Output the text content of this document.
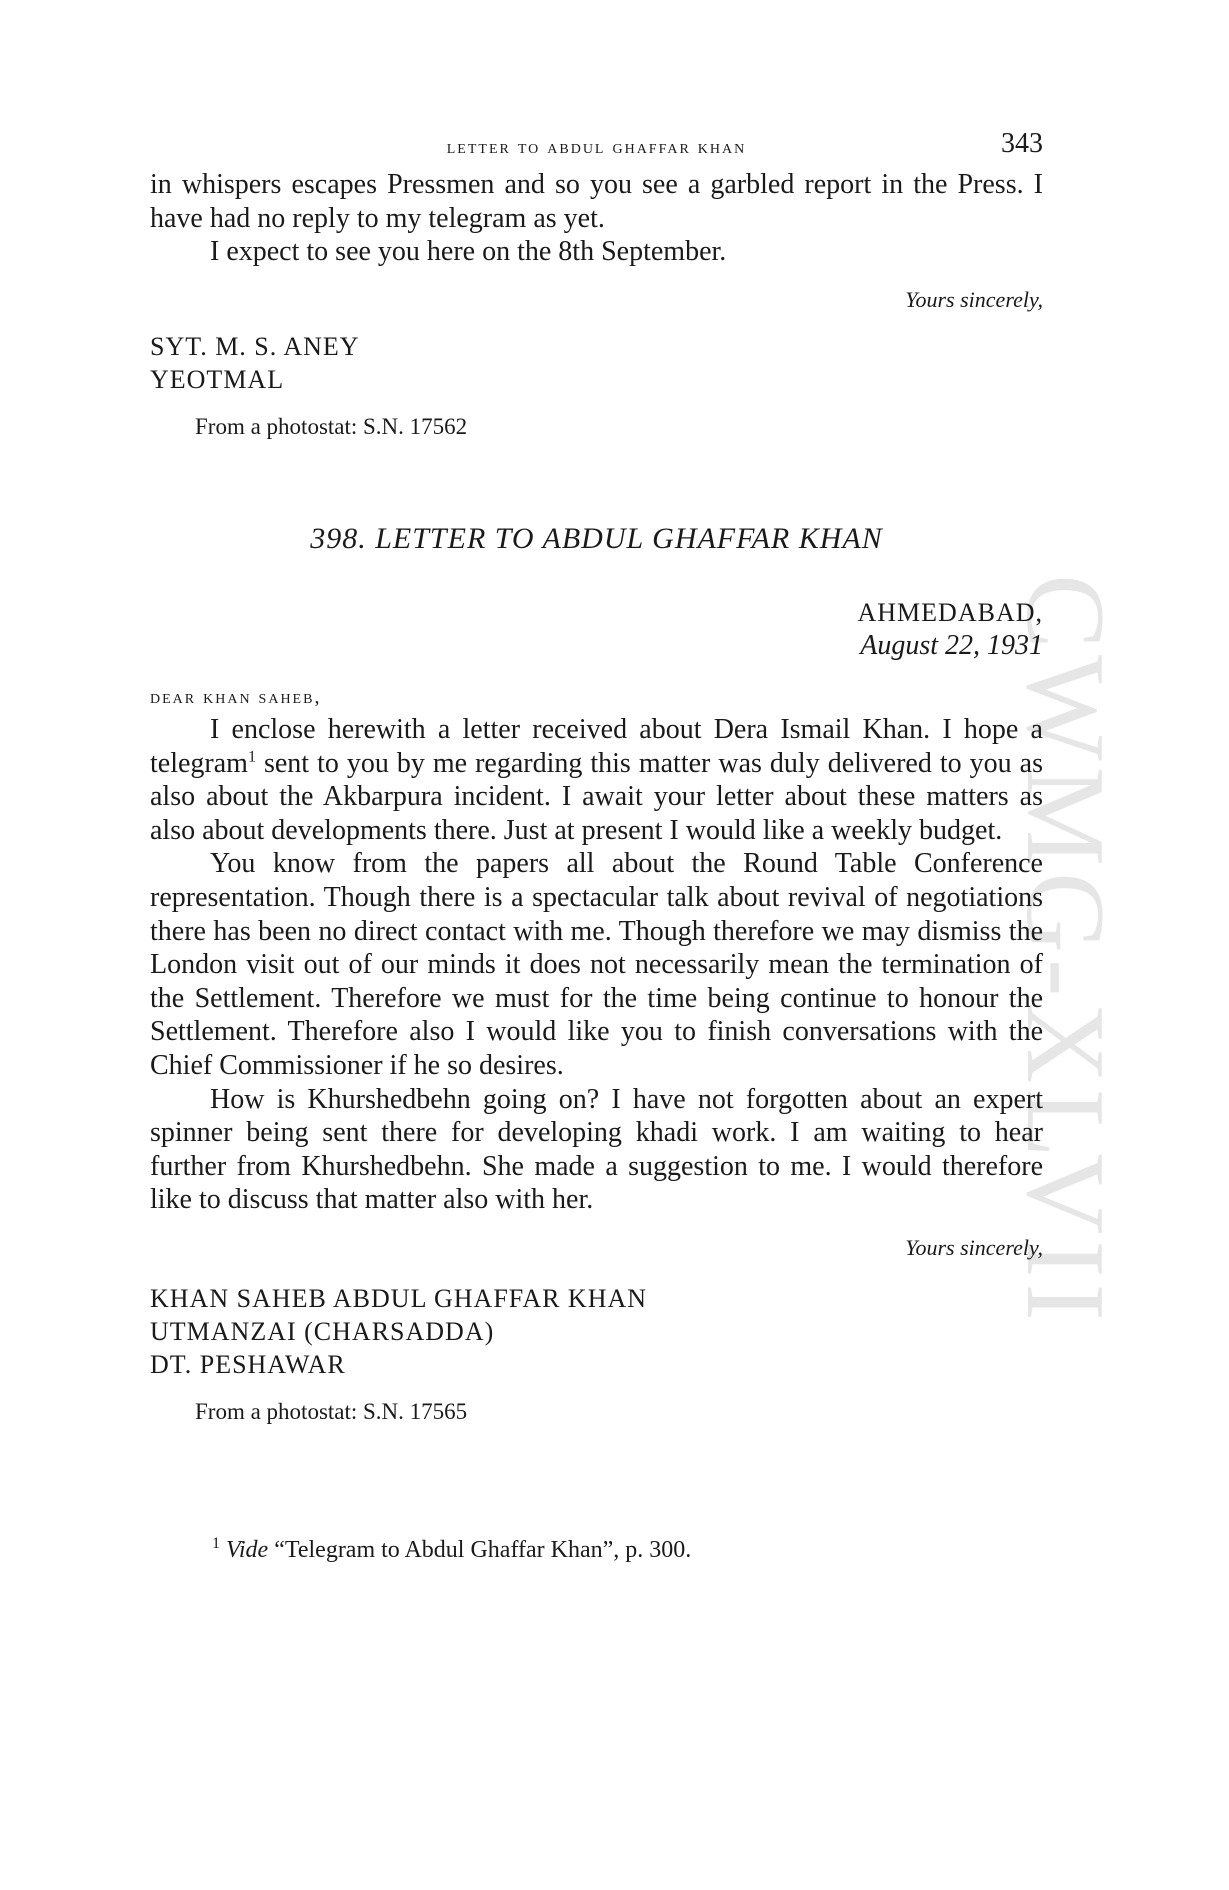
CWMG-XLVII
letter to abdul ghaffar khan	343

in whispers escapes Pressmen and so you see a garbled report in the Press. I have had no reply to my telegram as yet.

I expect to see you here on the 8th September.

Yours sincerely,

SYT. M. S. ANEY
YEOTMAL

From a photostat: S.N. 17562

398. LETTER TO ABDUL GHAFFAR KHAN
AHMEDABAD,
August 22, 1931
dear khan saheb,

I enclose herewith a letter received about Dera Ismail Khan. I hope a telegram$^1$ sent to you by me regarding this matter was duly delivered to you as also about the Akbarpura incident. I await your letter about these matters as also about developments there. Just at present I would like a weekly budget.

You know from the papers all about the Round Table Conference representation. Though there is a spectacular talk about revival of negotiations there has been no direct contact with me. Though therefore we may dismiss the London visit out of our minds it does not necessarily mean the termination of the Settlement. Therefore we must for the time being continue to honour the Settlement. Therefore also I would like you to finish conversations with the Chief Commissioner if he so desires.

How is Khurshedbehn going on? I have not forgotten about an expert spinner being sent there for developing khadi work. I am waiting to hear further from Khurshedbehn. She made a suggestion to me. I would therefore like to discuss that matter also with her.

Yours sincerely,

KHAN SAHEB ABDUL GHAFFAR KHAN
UTMANZAI (CHARSADDA)
DT. PESHAWAR

From a photostat: S.N. 17565

$^1$ Vide “Telegram to Abdul Ghaffar Khan”, p. 300.
